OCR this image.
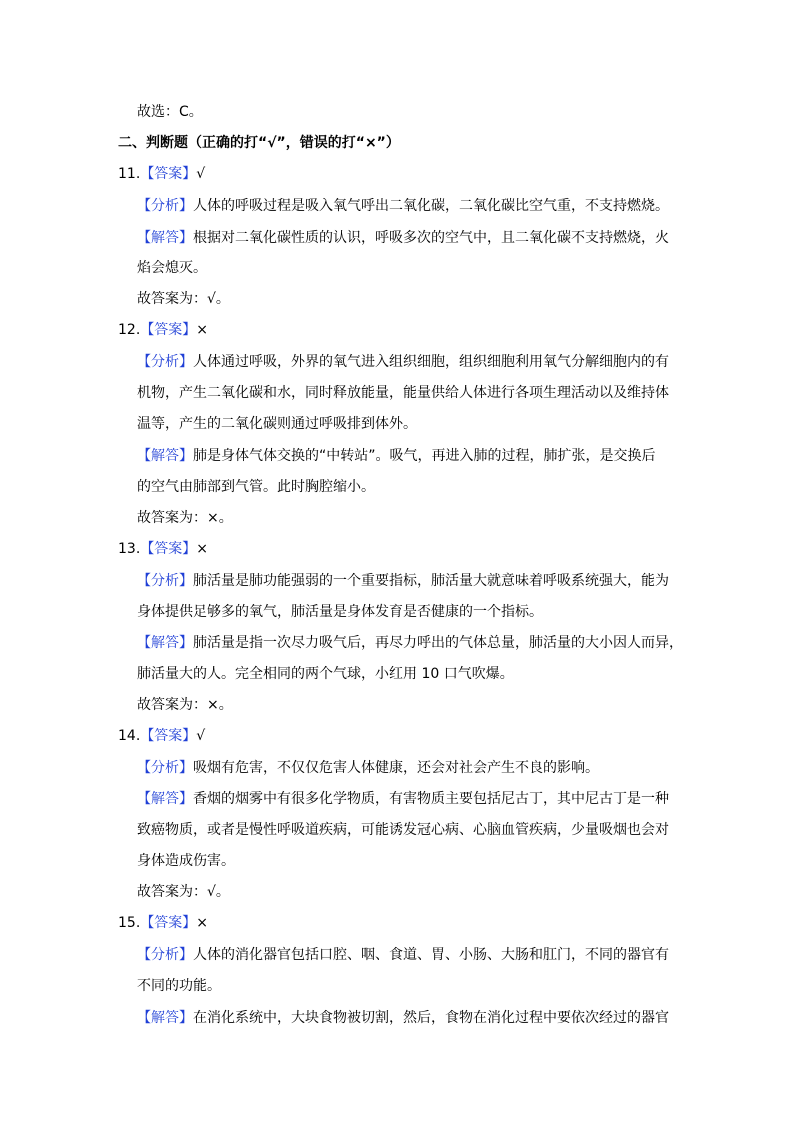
故选：C。
二、判断题（正确的打“√”，错误的打“×”）
11.【答案】√
【分析】人体的呼吸过程是吸入氧气呼出二氧化碳，二氧化碳比空气重，不支持燃烧。
【解答】根据对二氧化碳性质的认识，呼吸多次的空气中，且二氧化碳不支持燃烧，火
焰会熄灭。
故答案为：√。
12.【答案】×
【分析】人体通过呼吸，外界的氧气进入组织细胞，组织细胞利用氧气分解细胞内的有
机物，产生二氧化碳和水，同时释放能量，能量供给人体进行各项生理活动以及维持体
温等，产生的二氧化碳则通过呼吸排到体外。
【解答】肺是身体气体交换的“中转站”。吸气，再进入肺的过程，肺扩张，是交换后
的空气由肺部到气管。此时胸腔缩小。
故答案为：×。
13.【答案】×
【分析】肺活量是肺功能强弱的一个重要指标，肺活量大就意味着呼吸系统强大，能为
身体提供足够多的氧气，肺活量是身体发育是否健康的一个指标。
【解答】肺活量是指一次尽力吸气后，再尽力呼出的气体总量，肺活量的大小因人而异，
肺活量大的人。完全相同的两个气球，小红用 10 口气吹爆。
故答案为：×。
14.【答案】√
【分析】吸烟有危害，不仅仅危害人体健康，还会对社会产生不良的影响。
【解答】香烟的烟雾中有很多化学物质，有害物质主要包括尼古丁，其中尼古丁是一种
致癌物质，或者是慢性呼吸道疾病，可能诱发冠心病、心脑血管疾病，少量吸烟也会对
身体造成伤害。
故答案为：√。
15.【答案】×
【分析】人体的消化器官包括口腔、咽、食道、胃、小肠、大肠和肛门，不同的器官有
不同的功能。
【解答】在消化系统中，大块食物被切割，然后，食物在消化过程中要依次经过的器官
